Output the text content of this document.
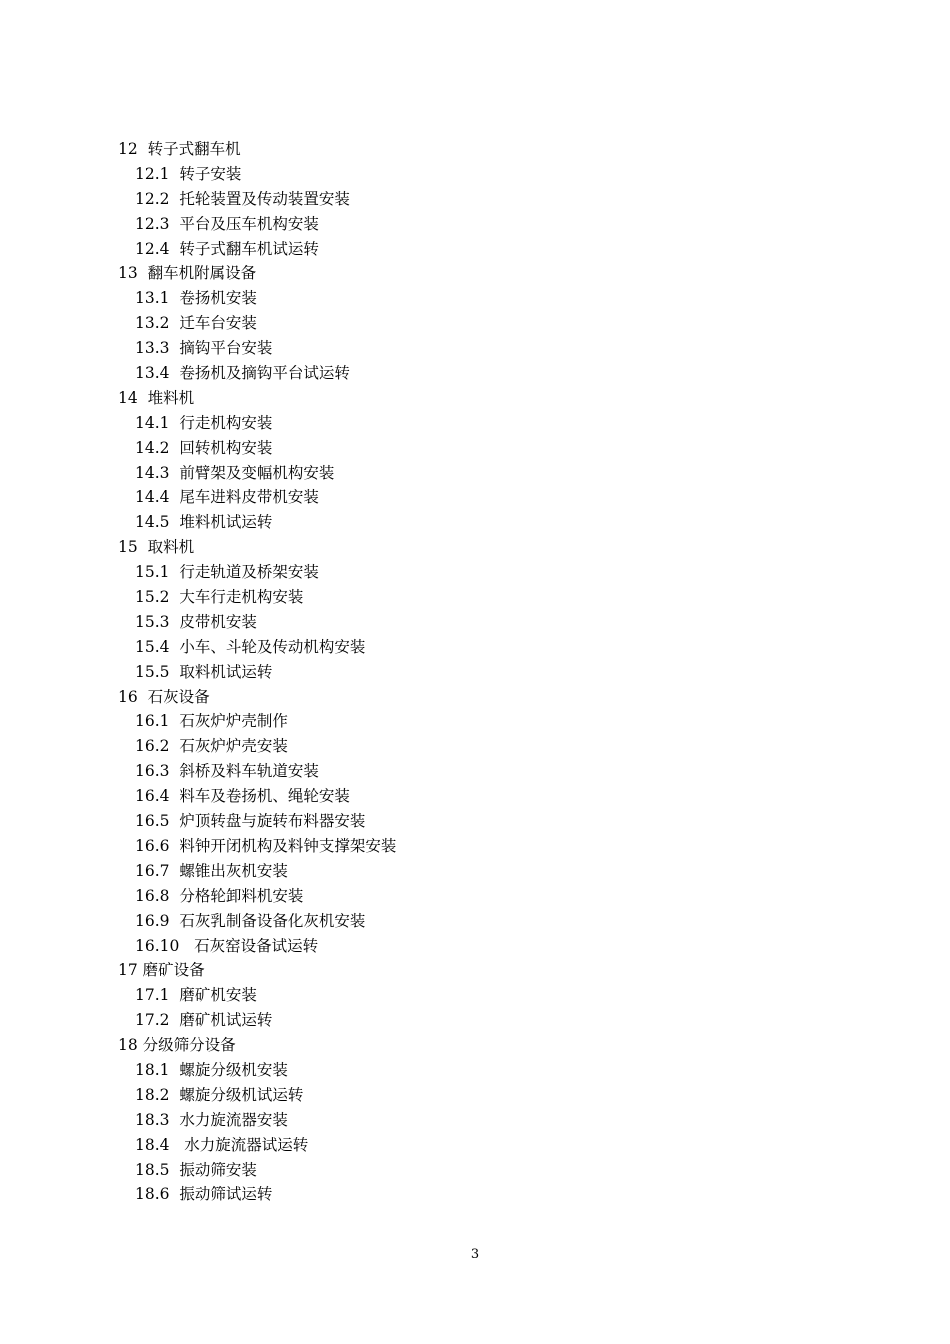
12 转子式翻车机
12.1 转子安装
12.2 托轮装置及传动装置安装
12.3 平台及压车机构安装
12.4 转子式翻车机试运转
13 翻车机附属设备
13.1 卷扬机安装
13.2 迁车台安装
13.3 摘钩平台安装
13.4 卷扬机及摘钩平台试运转
14 堆料机
14.1 行走机构安装
14.2 回转机构安装
14.3 前臂架及变幅机构安装
14.4 尾车进料皮带机安装
14.5 堆料机试运转
15 取料机
15.1 行走轨道及桥架安装
15.2 大车行走机构安装
15.3 皮带机安装
15.4 小车、斗轮及传动机构安装
15.5 取料机试运转
16 石灰设备
16.1 石灰炉炉壳制作
16.2 石灰炉炉壳安装
16.3 斜桥及料车轨道安装
16.4 料车及卷扬机、绳轮安装
16.5 炉顶转盘与旋转布料器安装
16.6 料钟开闭机构及料钟支撑架安装
16.7 螺锥出灰机安装
16.8 分格轮卸料机安装
16.9 石灰乳制备设备化灰机安装
16.10 石灰窑设备试运转
17 磨矿设备
17.1 磨矿机安装
17.2 磨矿机试运转
18 分级筛分设备
18.1 螺旋分级机安装
18.2 螺旋分级机试运转
18.3 水力旋流器安装
18.4 水力旋流器试运转
18.5 振动筛安装
18.6 振动筛试运转
3
